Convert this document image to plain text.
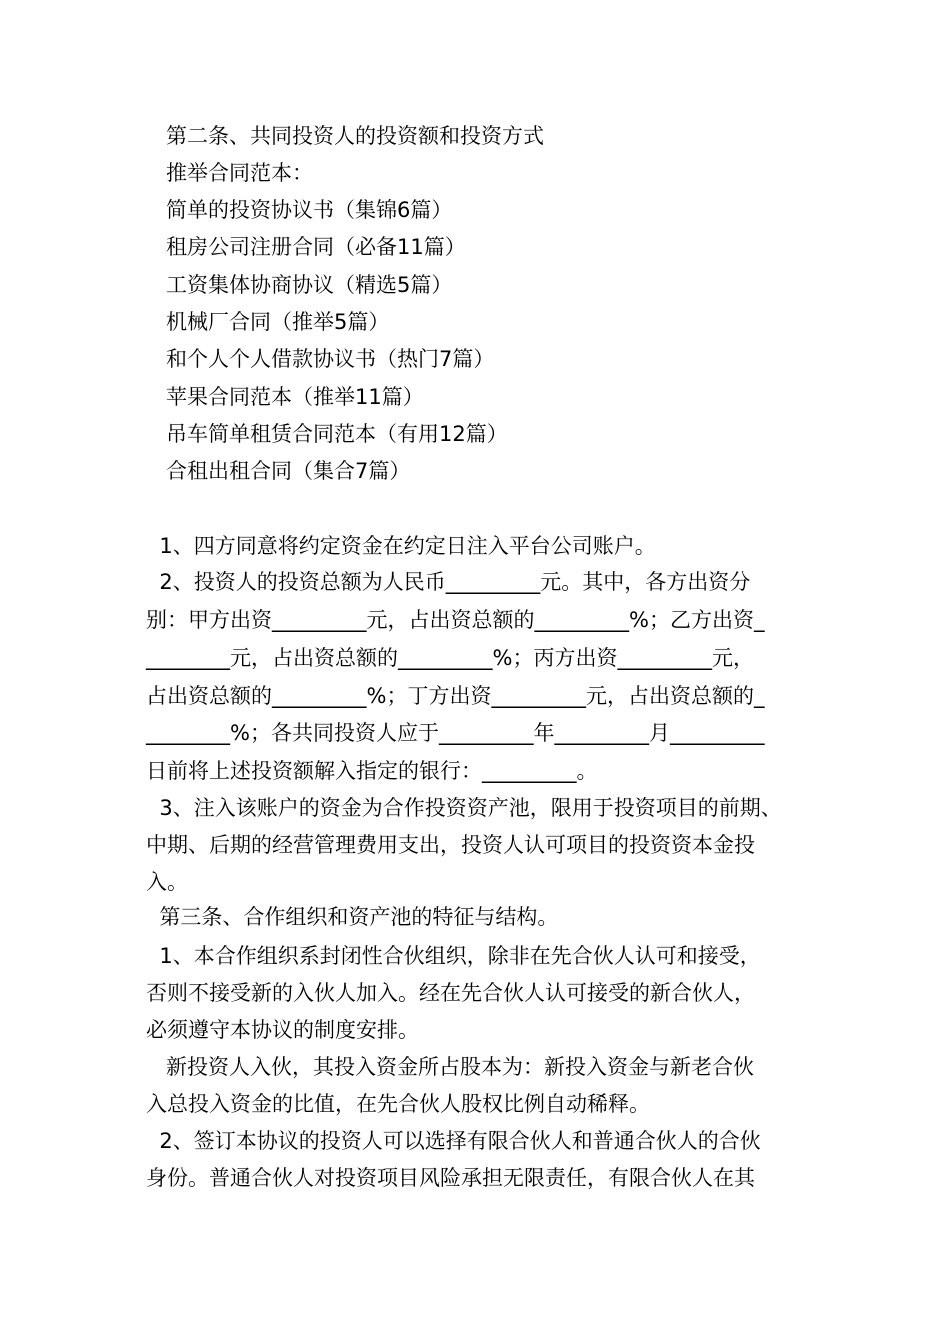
第二条、共同投资人的投资额和投资方式
推举合同范本：
简单的投资协议书（集锦6篇）
租房公司注册合同（必备11篇）
工资集体协商协议（精选5篇）
机械厂合同（推举5篇）
和个人个人借款协议书（热门7篇）
苹果合同范本（推举11篇）
吊车简单租赁合同范本（有用12篇）
合租出租合同（集合7篇）
1、四方同意将约定资金在约定日注入平台公司账户。
2、投资人的投资总额为人民币_________元。其中，各方出资分
别：甲方出资_________元，占出资总额的_________%；乙方出资_
________元，占出资总额的_________%；丙方出资_________元，
占出资总额的_________%；丁方出资_________元，占出资总额的_
________%；各共同投资人应于_________年_________月_________
日前将上述投资额解入指定的银行：_________。
3、注入该账户的资金为合作投资资产池，限用于投资项目的前期、
中期、后期的经营管理费用支出，投资人认可项目的投资资本金投
入。
第三条、合作组织和资产池的特征与结构。
1、本合作组织系封闭性合伙组织，除非在先合伙人认可和接受，
否则不接受新的入伙人加入。经在先合伙人认可接受的新合伙人，
必须遵守本协议的制度安排。
新投资人入伙，其投入资金所占股本为：新投入资金与新老合伙
入总投入资金的比值，在先合伙人股权比例自动稀释。
2、签订本协议的投资人可以选择有限合伙人和普通合伙人的合伙
身份。普通合伙人对投资项目风险承担无限责任，有限合伙人在其
